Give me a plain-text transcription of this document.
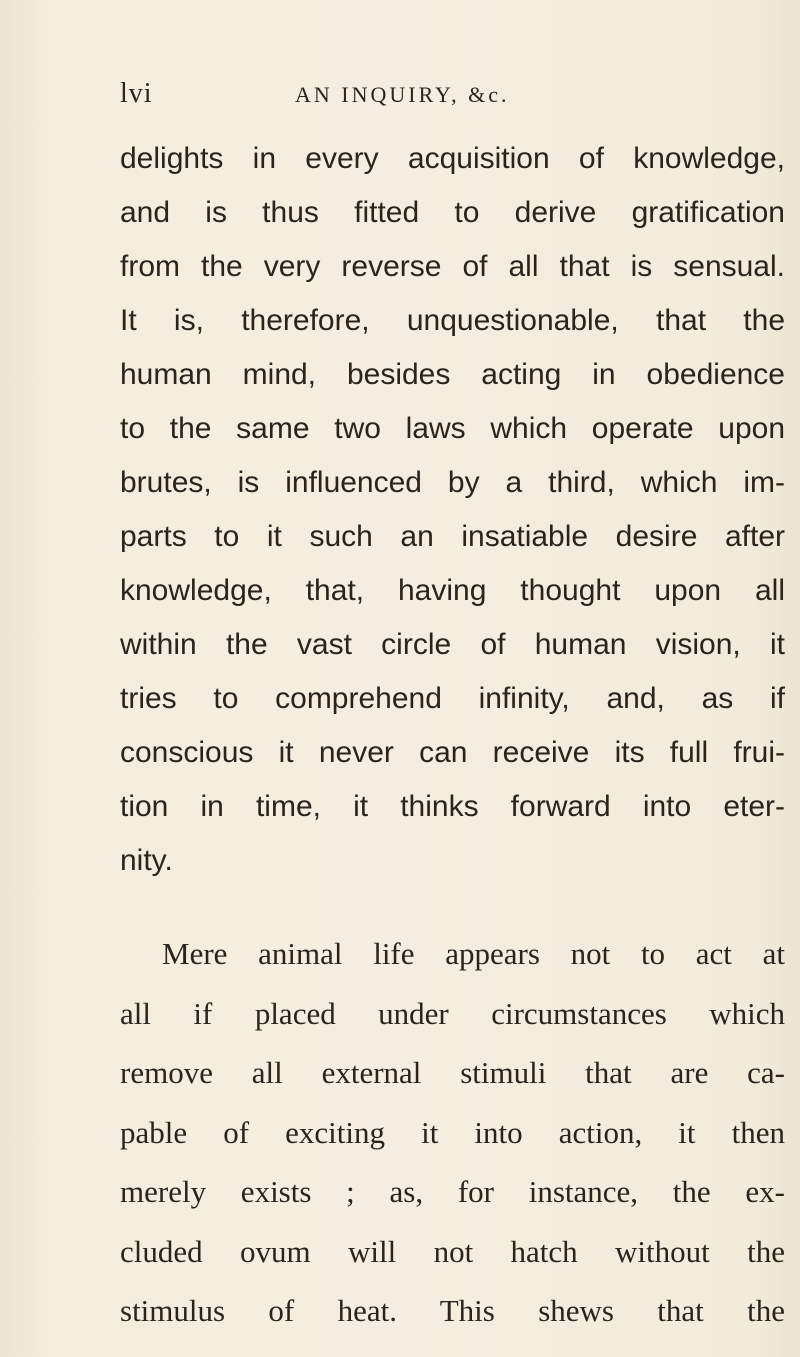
lvi	AN INQUIRY, &c.
delights in every acquisition of knowledge,
and is thus fitted to derive gratification
from the very reverse of all that is sensual.
It is, therefore, unquestionable, that the
human mind, besides acting in obedience
to the same two laws which operate upon
brutes, is influenced by a third, which im-
parts to it such an insatiable desire after
knowledge, that, having thought upon all
within the vast circle of human vision, it
tries to comprehend infinity, and, as if
conscious it never can receive its full frui-
tion in time, it thinks forward into eter-
nity.
Mere animal life appears not to act at
all if placed under circumstances which
remove all external stimuli that are ca-
pable of exciting it into action, it then
merely exists ; as, for instance, the ex-
cluded ovum will not hatch without the
stimulus of heat. This shews that the
